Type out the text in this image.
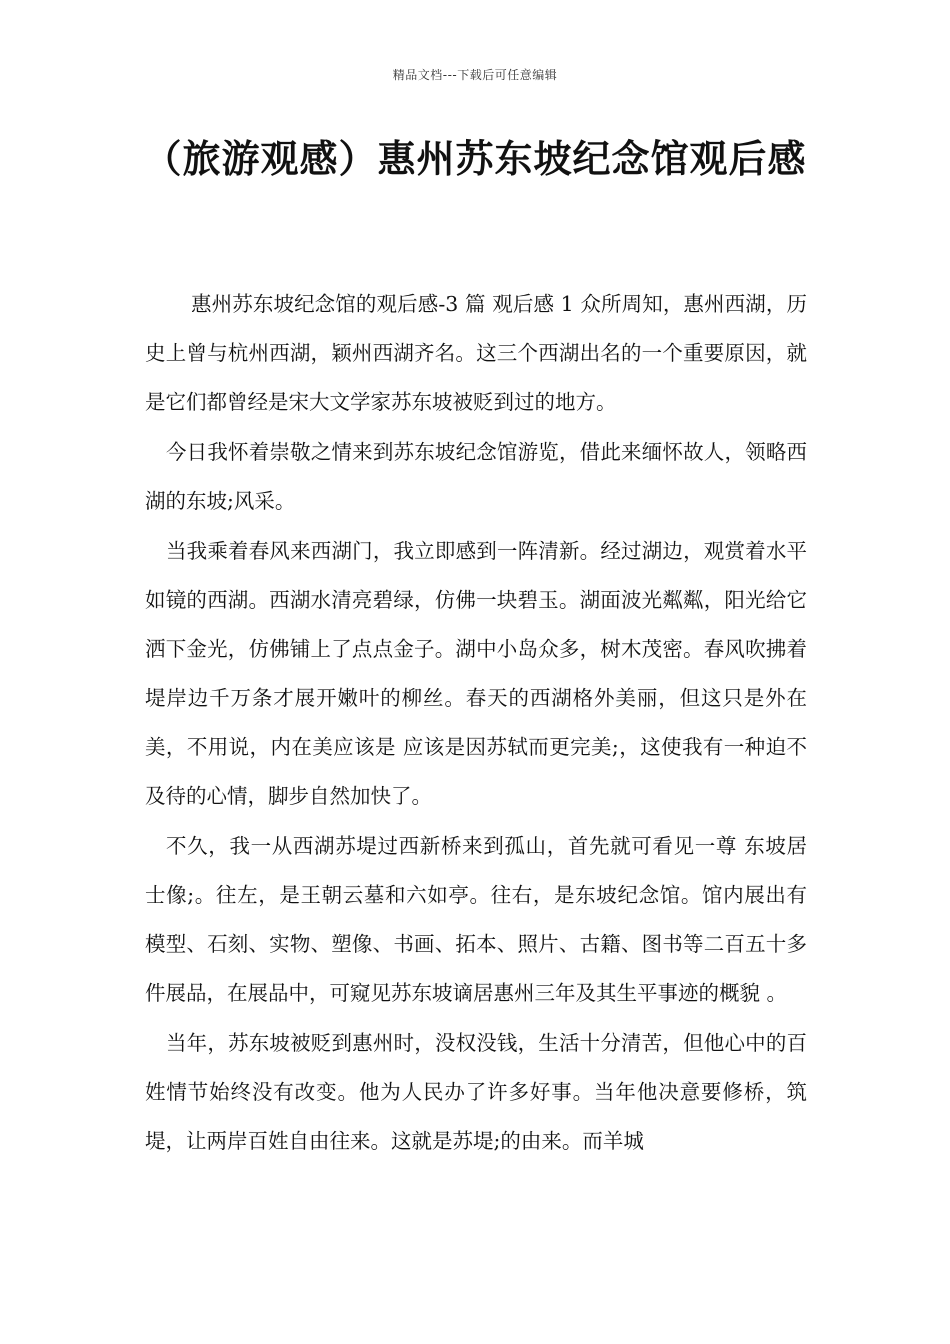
精品文档---下载后可任意编辑
（旅游观感）惠州苏东坡纪念馆观后感

惠州苏东坡纪念馆的观后感-3 篇 观后感 1 众所周知，惠州西湖，历史上曾与杭州西湖，颖州西湖齐名。这三个西湖出名的一个重要原因，就是它们都曾经是宋大文学家苏东坡被贬到过的地方。

今日我怀着崇敬之情来到苏东坡纪念馆游览，借此来缅怀故人，领略西湖的东坡;风采。

当我乘着春风来西湖门，我立即感到一阵清新。经过湖边，观赏着水平如镜的西湖。西湖水清亮碧绿，仿佛一块碧玉。湖面波光粼粼，阳光给它洒下金光，仿佛铺上了点点金子。湖中小岛众多，树木茂密。春风吹拂着堤岸边千万条才展开嫩叶的柳丝。春天的西湖格外美丽，但这只是外在美，不用说，内在美应该是 应该是因苏轼而更完美;，这使我有一种迫不及待的心情，脚步自然加快了。

不久，我一从西湖苏堤过西新桥来到孤山，首先就可看见一尊 东坡居士像;。往左，是王朝云墓和六如亭。往右，是东坡纪念馆。馆内展出有模型、石刻、实物、塑像、书画、拓本、照片、古籍、图书等二百五十多件展品，在展品中，可窥见苏东坡谪居惠州三年及其生平事迹的概貌 。

当年，苏东坡被贬到惠州时，没权没钱，生活十分清苦，但他心中的百姓情节始终没有改变。他为人民办了许多好事。当年他决意要修桥，筑堤，让两岸百姓自由往来。这就是苏堤;的由来。而羊城
